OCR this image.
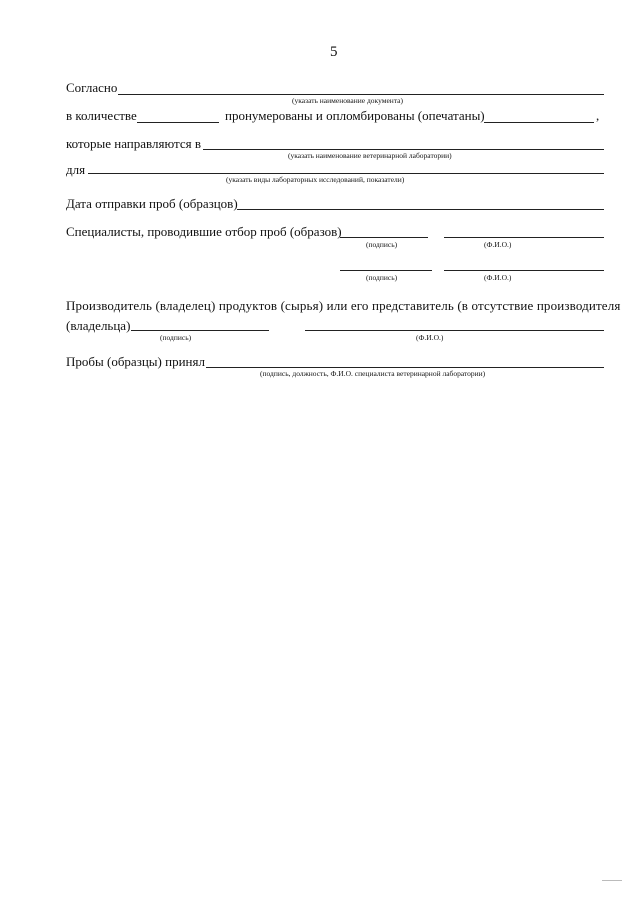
5
Согласно
(указать наименование документа)
в количестве	пронумерованы и опломбированы (опечатаны)	,
которые направляются в
(указать наименование ветеринарной лаборатории)
для
(указать виды лабораторных исследований, показатели)
Дата отправки проб (образцов)
Специалисты, проводившие отбор проб (образов)
(подпись)	(Ф.И.О.)
(подпись)	(Ф.И.О.)
Производитель (владелец) продуктов (сырья) или его представитель (в отсутствие производителя
(владельца)
(подпись)	(Ф.И.О.)
Пробы (образцы) принял
(подпись, должность, Ф.И.О. специалиста ветеринарной лаборатории)
